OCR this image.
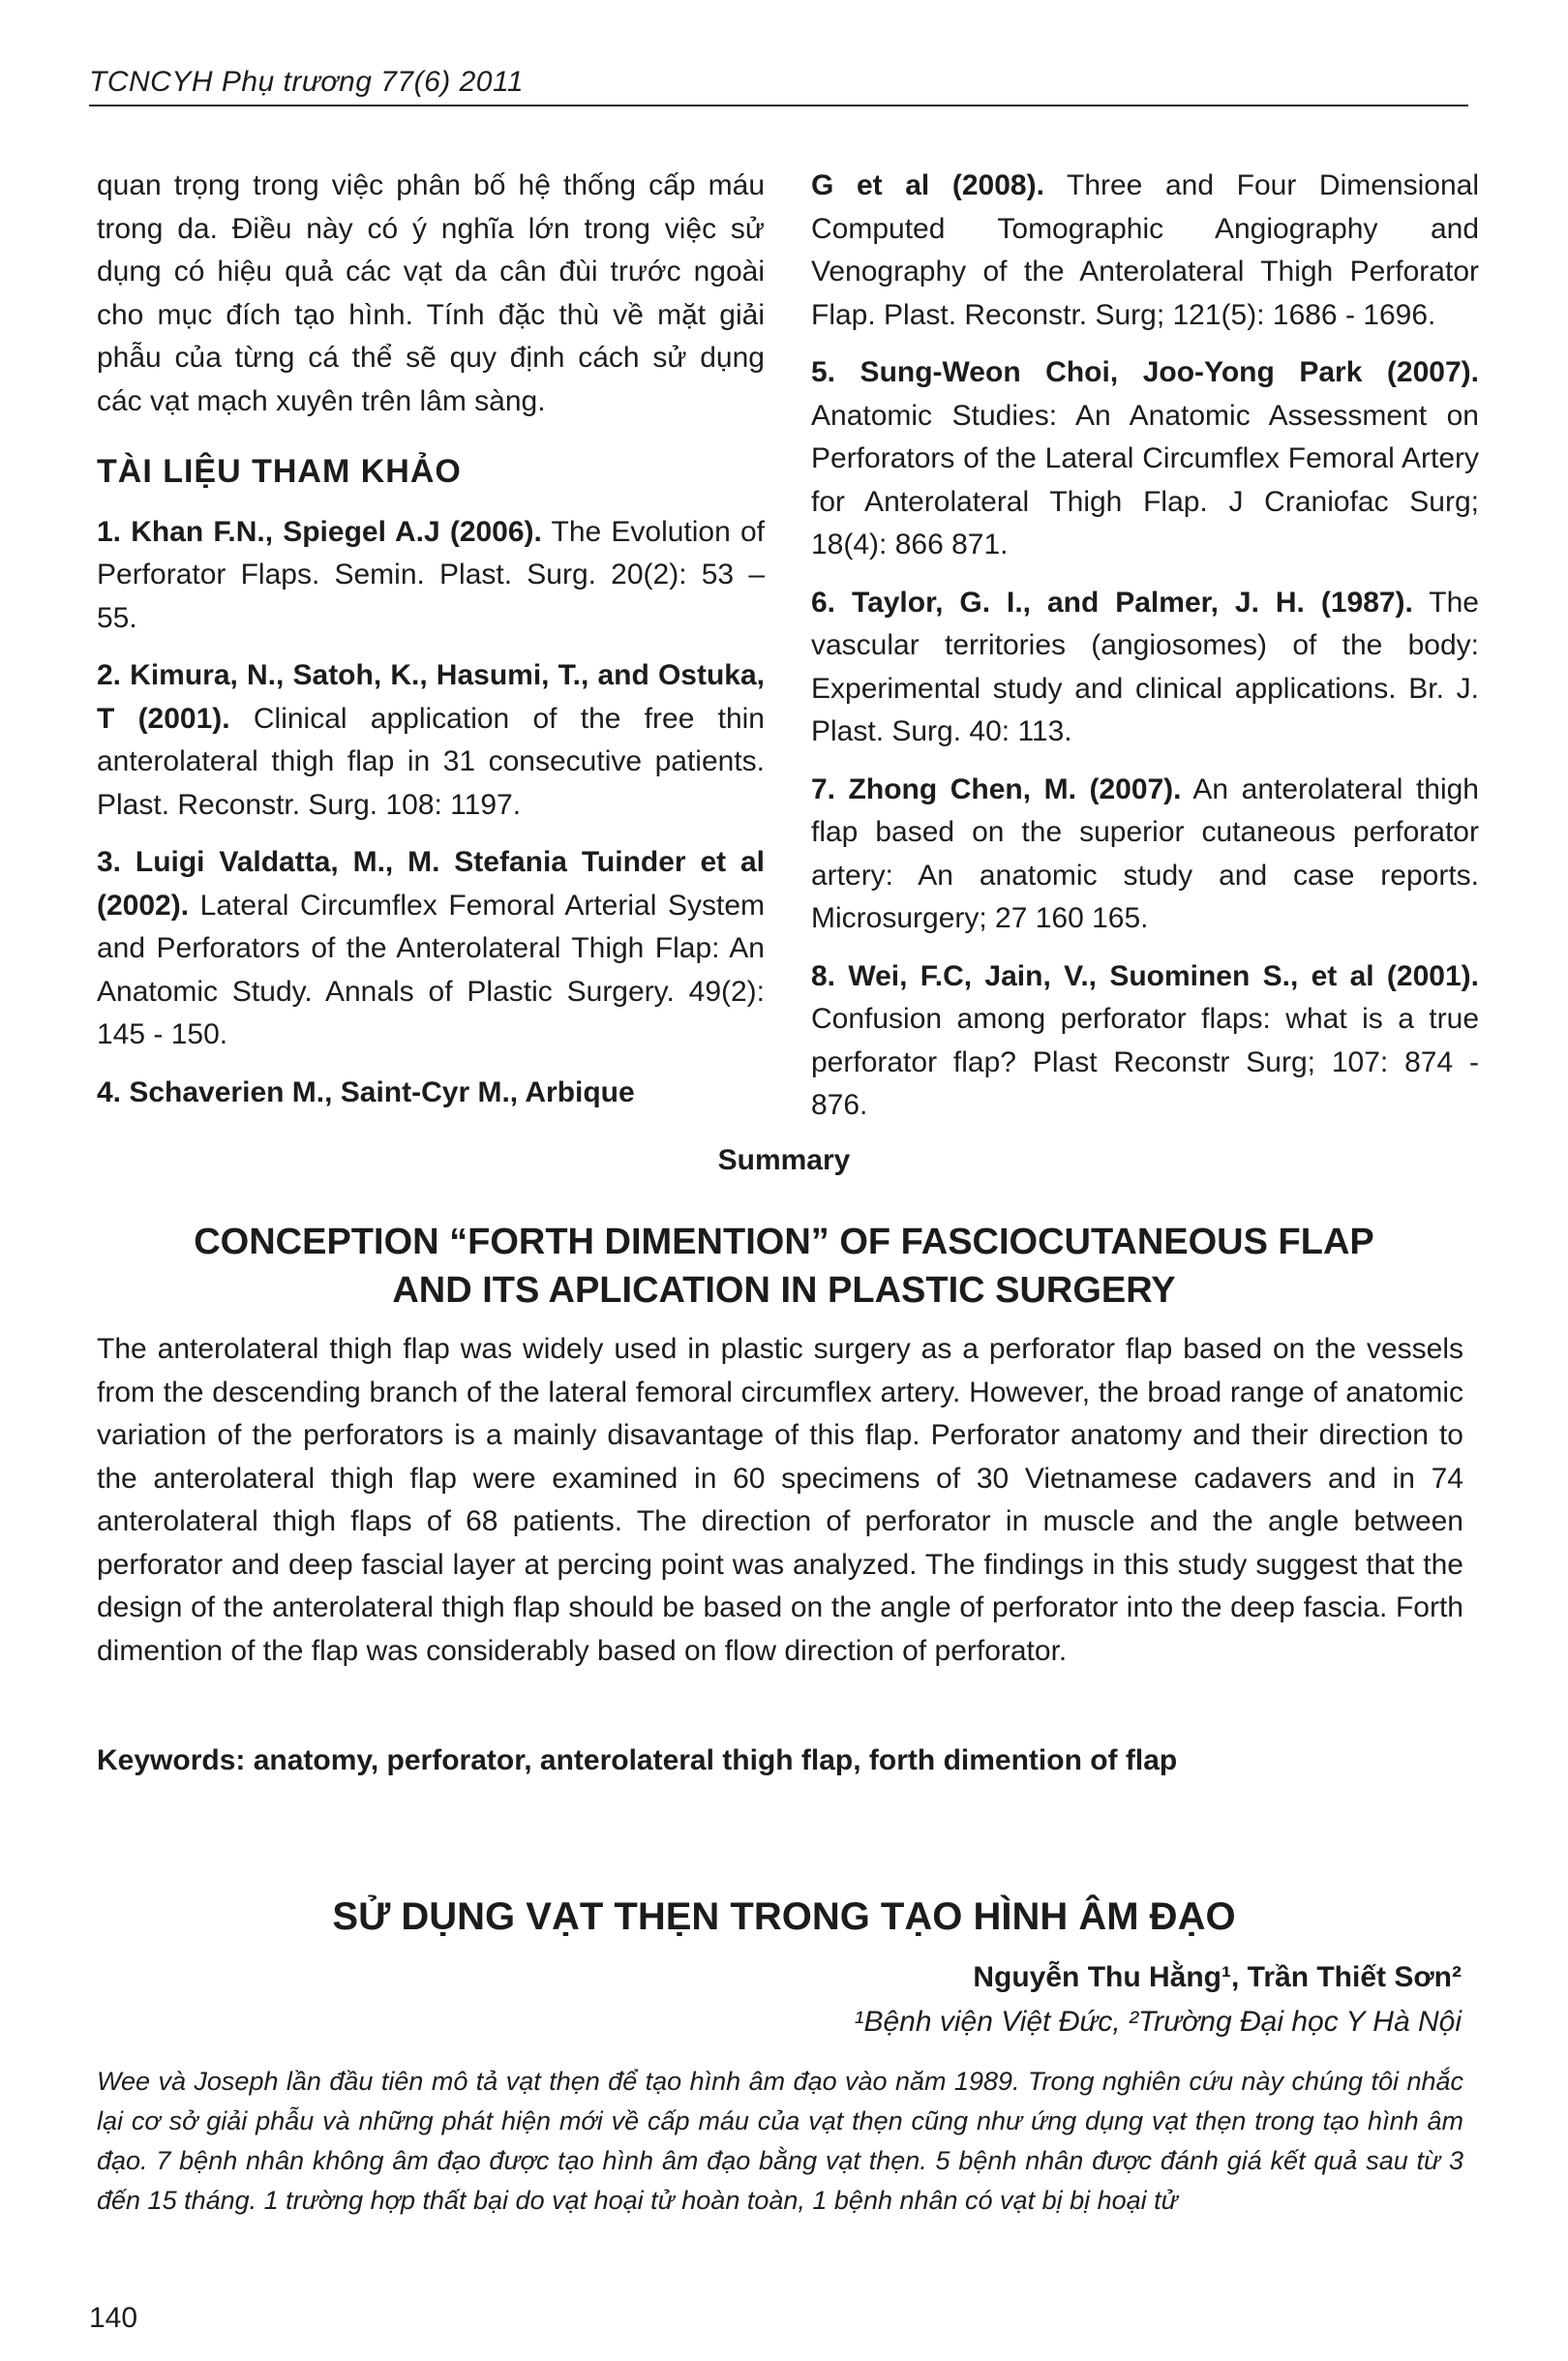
TCNCYH Phụ trương 77(6) 2011

quan trọng trong việc phân bố hệ thống cấp máu trong da. Điều này có ý nghĩa lớn trong việc sử dụng có hiệu quả các vạt da cân đùi trước ngoài cho mục đích tạo hình. Tính đặc thù về mặt giải phẫu của từng cá thể sẽ quy định cách sử dụng các vạt mạch xuyên trên lâm sàng.

TÀI LIỆU THAM KHẢO

1. Khan F.N., Spiegel A.J (2006). The Evolution of Perforator Flaps. Semin. Plast. Surg. 20(2): 53 – 55.

2. Kimura, N., Satoh, K., Hasumi, T., and Ostuka, T (2001). Clinical application of the free thin anterolateral thigh flap in 31 consecutive patients. Plast. Reconstr. Surg. 108: 1197.

3. Luigi Valdatta, M., M. Stefania Tuinder et al (2002). Lateral Circumflex Femoral Arterial System and Perforators of the Anterolateral Thigh Flap: An Anatomic Study. Annals of Plastic Surgery. 49(2): 145 - 150.

4. Schaverien M., Saint-Cyr M., Arbique

G et al (2008). Three and Four Dimensional Computed Tomographic Angiography and Venography of the Anterolateral Thigh Perforator Flap. Plast. Reconstr. Surg; 121(5): 1686 - 1696.

5. Sung-Weon Choi, Joo-Yong Park (2007). Anatomic Studies: An Anatomic Assessment on Perforators of the Lateral Circumflex Femoral Artery for Anterolateral Thigh Flap. J Craniofac Surg; 18(4): 866 871.

6. Taylor, G. I., and Palmer, J. H. (1987). The vascular territories (angiosomes) of the body: Experimental study and clinical applications. Br. J. Plast. Surg. 40: 113.

7. Zhong Chen, M. (2007). An anterolateral thigh flap based on the superior cutaneous perforator artery: An anatomic study and case reports. Microsurgery; 27 160 165.

8. Wei, F.C, Jain, V., Suominen S., et al (2001). Confusion among perforator flaps: what is a true perforator flap? Plast Reconstr Surg; 107: 874 - 876.

Summary
CONCEPTION “FORTH DIMENTION” OF FASCIOCUTANEOUS FLAP
AND ITS APLICATION IN PLASTIC SURGERY

The anterolateral thigh flap was widely used in plastic surgery as a perforator flap based on the vessels from the descending branch of the lateral femoral circumflex artery. However, the broad range of anatomic variation of the perforators is a mainly disavantage of this flap. Perforator anatomy and their direction to the anterolateral thigh flap were examined in 60 specimens of 30 Vietnamese cadavers and in 74 anterolateral thigh flaps of 68 patients. The direction of perforator in muscle and the angle between perforator and deep fascial layer at percing point was analyzed. The findings in this study suggest that the design of the anterolateral thigh flap should be based on the angle of perforator into the deep fascia. Forth dimention of the flap was considerably based on flow direction of perforator.

Keywords: anatomy, perforator, anterolateral thigh flap, forth dimention of flap

SỬ DỤNG VẠT THẸN TRONG TẠO HÌNH ÂM ĐẠO
Nguyễn Thu Hằng¹, Trần Thiết Sơn²
¹Bệnh viện Việt Đức, ²Trường Đại học Y Hà Nội

Wee và Joseph lần đầu tiên mô tả vạt thẹn để tạo hình âm đạo vào năm 1989. Trong nghiên cứu này chúng tôi nhắc lại cơ sở giải phẫu và những phát hiện mới về cấp máu của vạt thẹn cũng như ứng dụng vạt thẹn trong tạo hình âm đạo. 7 bệnh nhân không âm đạo được tạo hình âm đạo bằng vạt thẹn. 5 bệnh nhân được đánh giá kết quả sau từ 3 đến 15 tháng. 1 trường hợp thất bại do vạt hoại tử hoàn toàn, 1 bệnh nhân có vạt bị bị hoại tử

140
